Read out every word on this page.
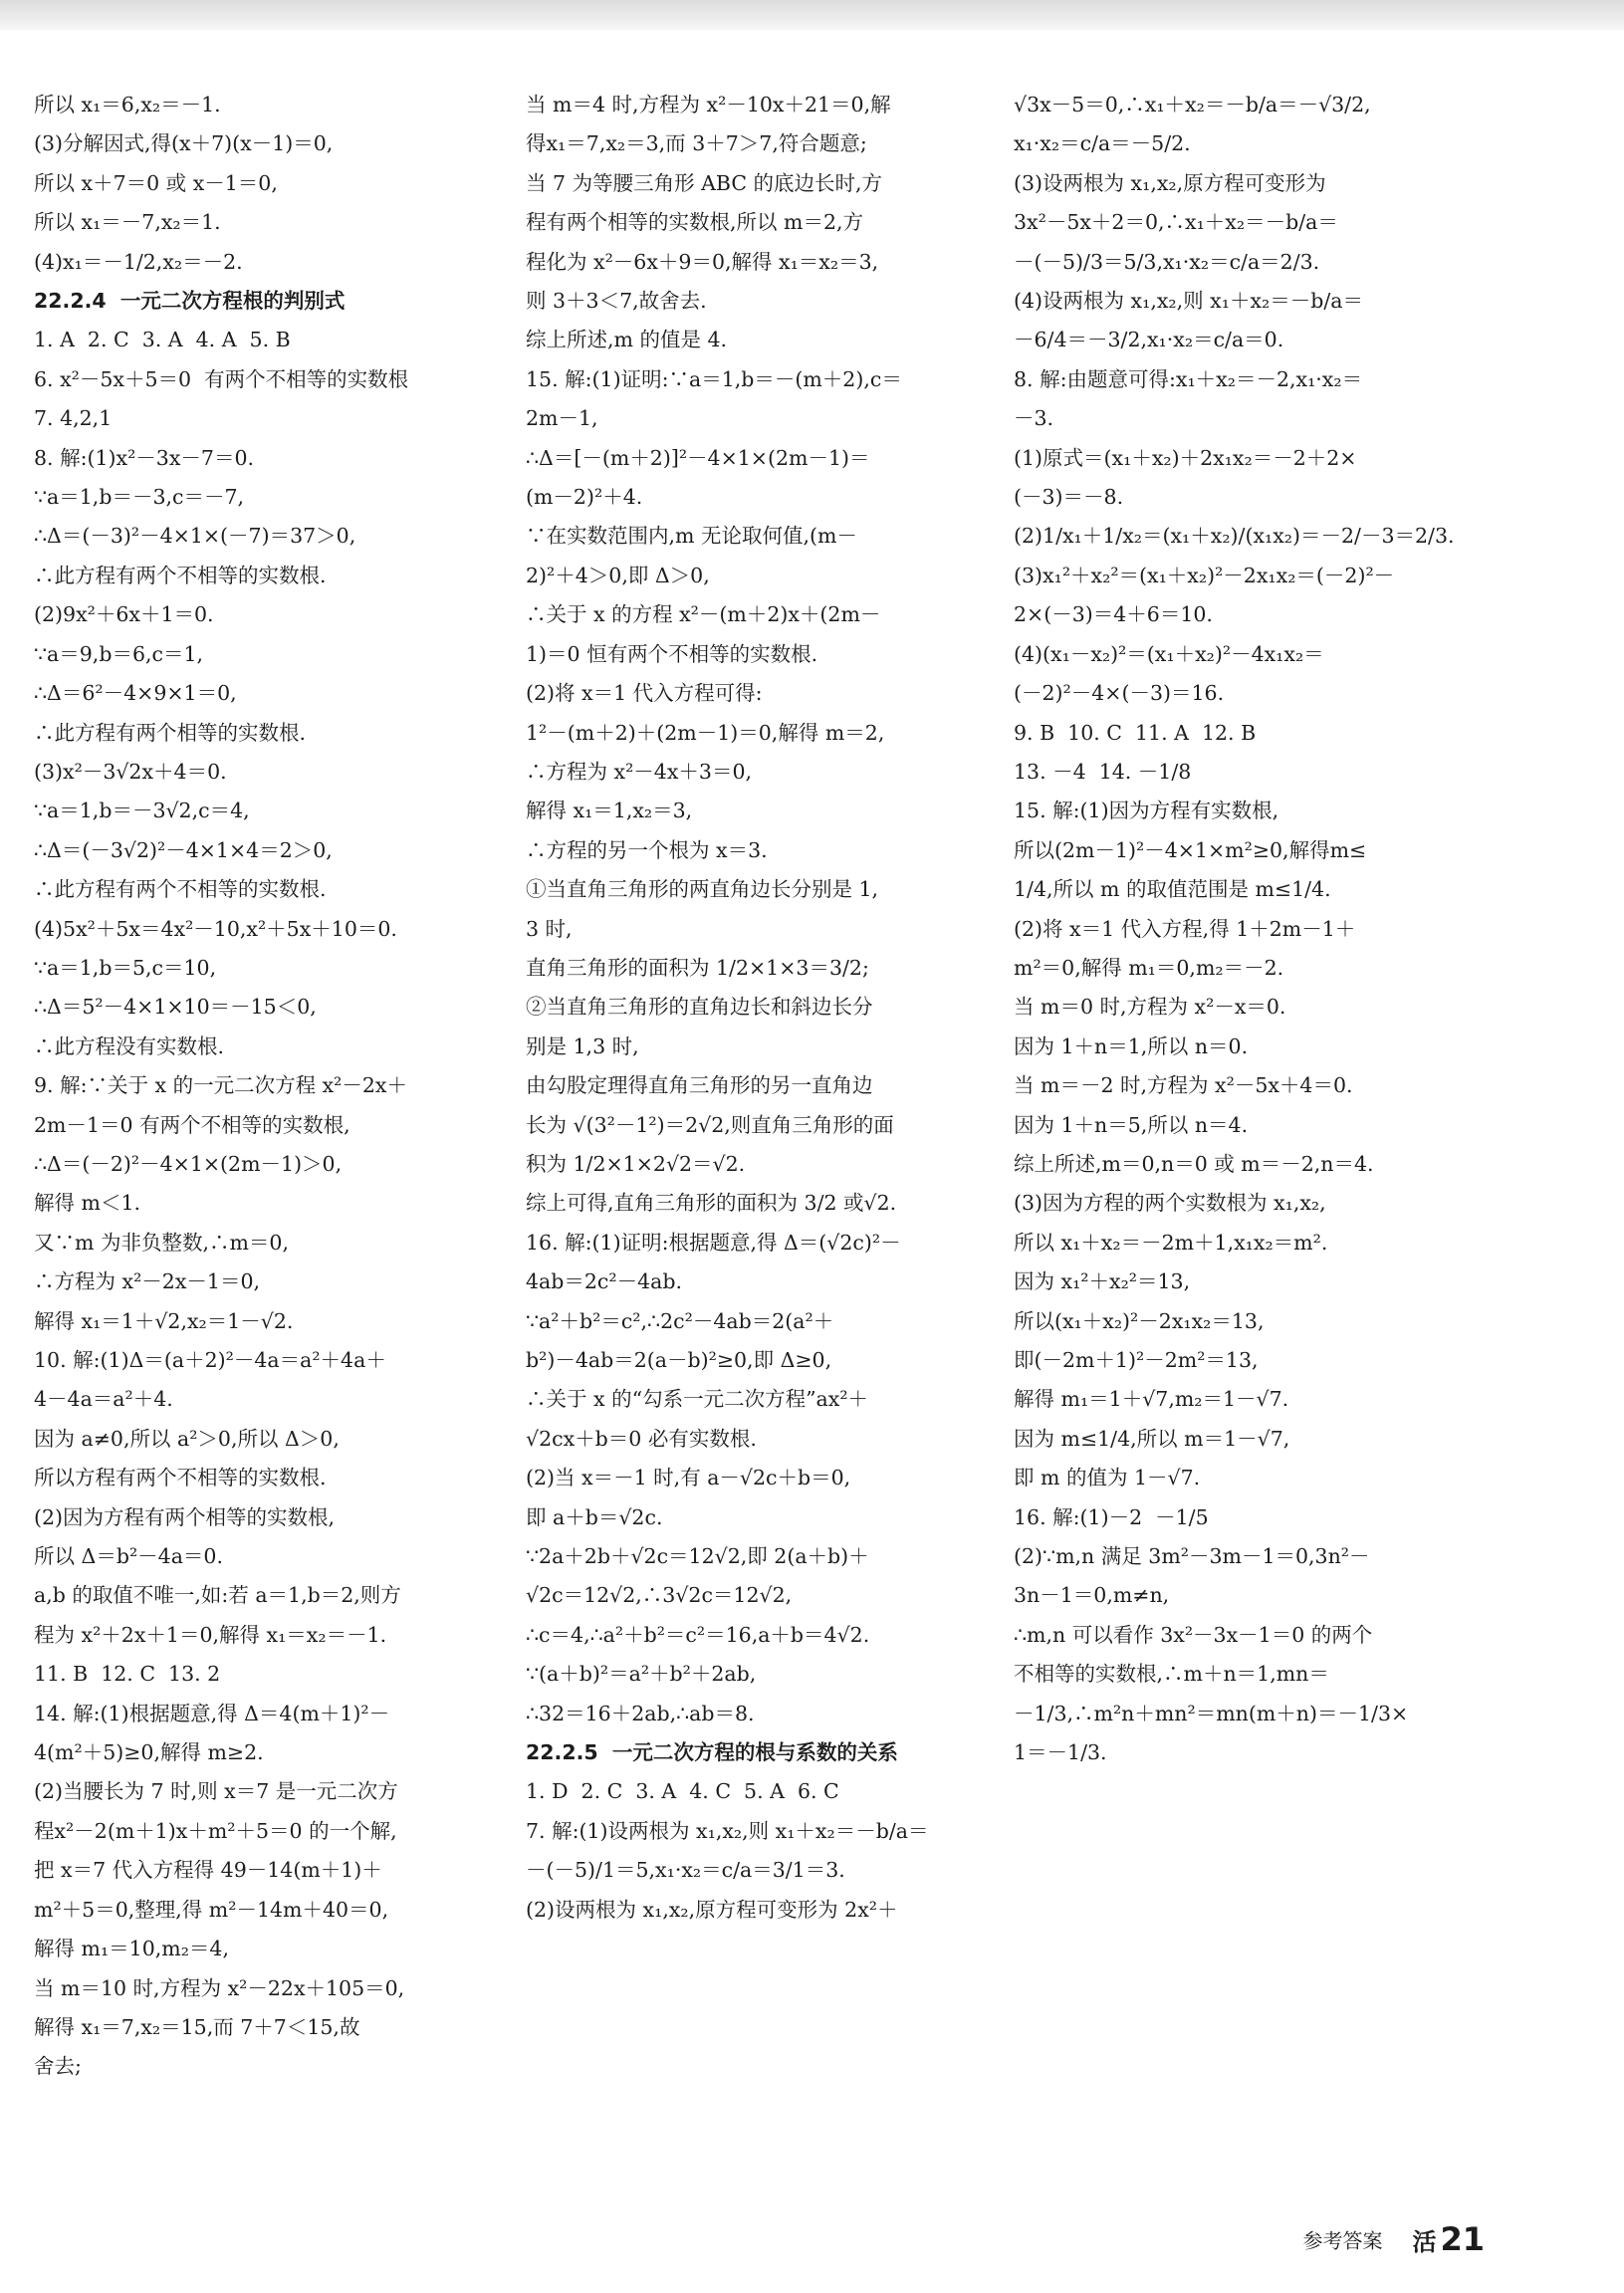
所以 x₁＝6,x₂＝－1.
(3)分解因式,得(x＋7)(x－1)＝0,
所以 x＋7＝0 或 x－1＝0,
所以 x₁＝－7,x₂＝1.
(4)x₁＝－1/2,x₂＝－2.
22.2.4  一元二次方程根的判别式
1. A  2. C  3. A  4. A  5. B
6. x²－5x＋5＝0  有两个不相等的实数根
7. 4,2,1
8. 解:(1)x²－3x－7＝0.
∵a＝1,b＝－3,c＝－7,
∴Δ＝(－3)²－4×1×(－7)＝37＞0,
∴此方程有两个不相等的实数根.
(2)9x²＋6x＋1＝0.
∵a＝9,b＝6,c＝1,
∴Δ＝6²－4×9×1＝0,
∴此方程有两个相等的实数根.
(3)x²－3√2x＋4＝0.
∵a＝1,b＝－3√2,c＝4,
∴Δ＝(－3√2)²－4×1×4＝2＞0,
∴此方程有两个不相等的实数根.
(4)5x²＋5x＝4x²－10,x²＋5x＋10＝0.
∵a＝1,b＝5,c＝10,
∴Δ＝5²－4×1×10＝－15＜0,
∴此方程没有实数根.
9. 解:∵关于 x 的一元二次方程 x²－2x＋
2m－1＝0 有两个不相等的实数根,
∴Δ＝(－2)²－4×1×(2m－1)＞0,
解得 m＜1.
又∵m 为非负整数,∴m＝0,
∴方程为 x²－2x－1＝0,
解得 x₁＝1＋√2,x₂＝1－√2.
10. 解:(1)Δ＝(a＋2)²－4a＝a²＋4a＋
4－4a＝a²＋4.
因为 a≠0,所以 a²＞0,所以 Δ＞0,
所以方程有两个不相等的实数根.
(2)因为方程有两个相等的实数根,
所以 Δ＝b²－4a＝0.
a,b 的取值不唯一,如:若 a＝1,b＝2,则方
程为 x²＋2x＋1＝0,解得 x₁＝x₂＝－1.
11. B  12. C  13. 2
14. 解:(1)根据题意,得 Δ＝4(m＋1)²－
4(m²＋5)≥0,解得 m≥2.
(2)当腰长为 7 时,则 x＝7 是一元二次方
程x²－2(m＋1)x＋m²＋5＝0 的一个解,
把 x＝7 代入方程得 49－14(m＋1)＋
m²＋5＝0,整理,得 m²－14m＋40＝0,
解得 m₁＝10,m₂＝4,
当 m＝10 时,方程为 x²－22x＋105＝0,
解得 x₁＝7,x₂＝15,而 7＋7＜15,故
舍去;
当 m＝4 时,方程为 x²－10x＋21＝0,解
得x₁＝7,x₂＝3,而 3＋7＞7,符合题意;
当 7 为等腰三角形 ABC 的底边长时,方
程有两个相等的实数根,所以 m＝2,方
程化为 x²－6x＋9＝0,解得 x₁＝x₂＝3,
则 3＋3＜7,故舍去.
综上所述,m 的值是 4.
15. 解:(1)证明:∵a＝1,b＝－(m＋2),c＝
2m－1,
∴Δ＝[－(m＋2)]²－4×1×(2m－1)＝
(m－2)²＋4.
∵在实数范围内,m 无论取何值,(m－
2)²＋4＞0,即 Δ＞0,
∴关于 x 的方程 x²－(m＋2)x＋(2m－
1)＝0 恒有两个不相等的实数根.
(2)将 x＝1 代入方程可得:
1²－(m＋2)＋(2m－1)＝0,解得 m＝2,
∴方程为 x²－4x＋3＝0,
解得 x₁＝1,x₂＝3,
∴方程的另一个根为 x＝3.
①当直角三角形的两直角边长分别是 1,
3 时,
直角三角形的面积为 1/2×1×3＝3/2;
②当直角三角形的直角边长和斜边长分
别是 1,3 时,
由勾股定理得直角三角形的另一直角边
长为 √(3²－1²)＝2√2,则直角三角形的面
积为 1/2×1×2√2＝√2.
综上可得,直角三角形的面积为 3/2 或√2.
16. 解:(1)证明:根据题意,得 Δ＝(√2c)²－
4ab＝2c²－4ab.
∵a²＋b²＝c²,∴2c²－4ab＝2(a²＋
b²)－4ab＝2(a－b)²≥0,即 Δ≥0,
∴关于 x 的“勾系一元二次方程”ax²＋
√2cx＋b＝0 必有实数根.
(2)当 x＝－1 时,有 a－√2c＋b＝0,
即 a＋b＝√2c.
∵2a＋2b＋√2c＝12√2,即 2(a＋b)＋
√2c＝12√2,∴3√2c＝12√2,
∴c＝4,∴a²＋b²＝c²＝16,a＋b＝4√2.
∵(a＋b)²＝a²＋b²＋2ab,
∴32＝16＋2ab,∴ab＝8.
22.2.5  一元二次方程的根与系数的关系
1. D  2. C  3. A  4. C  5. A  6. C
7. 解:(1)设两根为 x₁,x₂,则 x₁＋x₂＝－b/a＝
－(－5)/1＝5,x₁·x₂＝c/a＝3/1＝3.
(2)设两根为 x₁,x₂,原方程可变形为 2x²＋
√3x－5＝0,∴x₁＋x₂＝－b/a＝－√3/2,
x₁·x₂＝c/a＝－5/2.
(3)设两根为 x₁,x₂,原方程可变形为
3x²－5x＋2＝0,∴x₁＋x₂＝－b/a＝
－(－5)/3＝5/3,x₁·x₂＝c/a＝2/3.
(4)设两根为 x₁,x₂,则 x₁＋x₂＝－b/a＝
－6/4＝－3/2,x₁·x₂＝c/a＝0.
8. 解:由题意可得:x₁＋x₂＝－2,x₁·x₂＝
－3.
(1)原式＝(x₁＋x₂)＋2x₁x₂＝－2＋2×
(－3)＝－8.
(2)1/x₁＋1/x₂＝(x₁＋x₂)/(x₁x₂)＝－2/－3＝2/3.
(3)x₁²＋x₂²＝(x₁＋x₂)²－2x₁x₂＝(－2)²－
2×(－3)＝4＋6＝10.
(4)(x₁－x₂)²＝(x₁＋x₂)²－4x₁x₂＝
(－2)²－4×(－3)＝16.
9. B  10. C  11. A  12. B
13. －4  14. －1/8
15. 解:(1)因为方程有实数根,
所以(2m－1)²－4×1×m²≥0,解得m≤
1/4,所以 m 的取值范围是 m≤1/4.
(2)将 x＝1 代入方程,得 1＋2m－1＋
m²＝0,解得 m₁＝0,m₂＝－2.
当 m＝0 时,方程为 x²－x＝0.
因为 1＋n＝1,所以 n＝0.
当 m＝－2 时,方程为 x²－5x＋4＝0.
因为 1＋n＝5,所以 n＝4.
综上所述,m＝0,n＝0 或 m＝－2,n＝4.
(3)因为方程的两个实数根为 x₁,x₂,
所以 x₁＋x₂＝－2m＋1,x₁x₂＝m².
因为 x₁²＋x₂²＝13,
所以(x₁＋x₂)²－2x₁x₂＝13,
即(－2m＋1)²－2m²＝13,
解得 m₁＝1＋√7,m₂＝1－√7.
因为 m≤1/4,所以 m＝1－√7,
即 m 的值为 1－√7.
16. 解:(1)－2  －1/5
(2)∵m,n 满足 3m²－3m－1＝0,3n²－
3n－1＝0,m≠n,
∴m,n 可以看作 3x²－3x－1＝0 的两个
不相等的实数根,∴m＋n＝1,mn＝
－1/3,∴m²n＋mn²＝mn(m＋n)＝－1/3×
1＝－1/3.

参考答案 活 21
